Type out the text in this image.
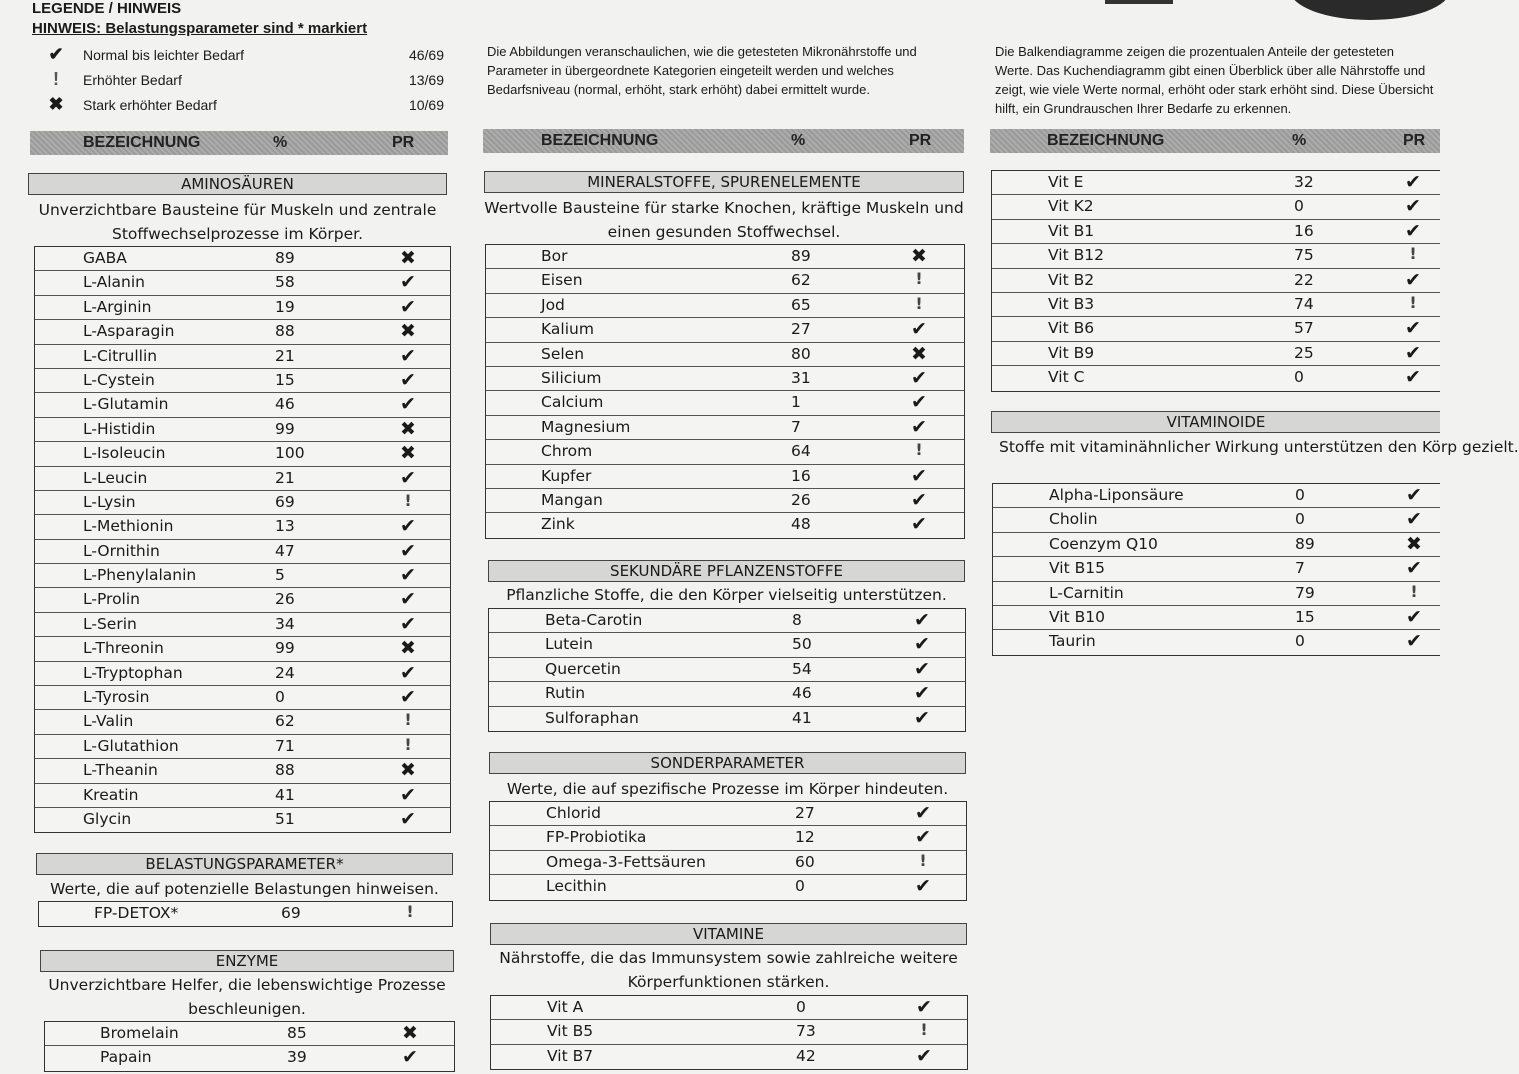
LEGENDE / HINWEIS
HINWEIS: Belastungsparameter sind * markiert
✔	Normal bis leichter Bedarf	46/69
!	Erhöhter Bedarf	13/69
✖	Stark erhöhter Bedarf	10/69
Die Abbildungen veranschaulichen, wie die getesteten Mikronährstoffe und Parameter in übergeordnete Kategorien eingeteilt werden und welches Bedarfsniveau (normal, erhöht, stark erhöht) dabei ermittelt wurde.
Die Balkendiagramme zeigen die prozentualen Anteile der getesteten Werte. Das Kuchendiagramm gibt einen Überblick über alle Nährstoffe und zeigt, wie viele Werte normal, erhöht oder stark erhöht sind. Diese Übersicht hilft, ein Grundrauschen Ihrer Bedarfe zu erkennen.
BEZEICHNUNG	%	PR	BEZEICHNUNG	%	PR	BEZEICHNUNG	%	PR
AMINOSÄUREN
Unverzichtbare Bausteine für Muskeln und zentrale Stoffwechselprozesse im Körper.
GABA	89	✖
L-Alanin	58	✔
L-Arginin	19	✔
L-Asparagin	88	✖
L-Citrullin	21	✔
L-Cystein	15	✔
L-Glutamin	46	✔
L-Histidin	99	✖
L-Isoleucin	100	✖
L-Leucin	21	✔
L-Lysin	69	!
L-Methionin	13	✔
L-Ornithin	47	✔
L-Phenylalanin	5	✔
L-Prolin	26	✔
L-Serin	34	✔
L-Threonin	99	✖
L-Tryptophan	24	✔
L-Tyrosin	0	✔
L-Valin	62	!
L-Glutathion	71	!
L-Theanin	88	✖
Kreatin	41	✔
Glycin	51	✔
BELASTUNGSPARAMETER*
Werte, die auf potenzielle Belastungen hinweisen.
FP-DETOX*	69	!
ENZYME
Unverzichtbare Helfer, die lebenswichtige Prozesse beschleunigen.
Bromelain	85	✖
Papain	39	✔
MINERALSTOFFE, SPURENELEMENTE
Wertvolle Bausteine für starke Knochen, kräftige Muskeln und einen gesunden Stoffwechsel.
Bor	89	✖
Eisen	62	!
Jod	65	!
Kalium	27	✔
Selen	80	✖
Silicium	31	✔
Calcium	1	✔
Magnesium	7	✔
Chrom	64	!
Kupfer	16	✔
Mangan	26	✔
Zink	48	✔
SEKUNDÄRE PFLANZENSTOFFE
Pflanzliche Stoffe, die den Körper vielseitig unterstützen.
Beta-Carotin	8	✔
Lutein	50	✔
Quercetin	54	✔
Rutin	46	✔
Sulforaphan	41	✔
SONDERPARAMETER
Werte, die auf spezifische Prozesse im Körper hindeuten.
Chlorid	27	✔
FP-Probiotika	12	✔
Omega-3-Fettsäuren	60	!
Lecithin	0	✔
VITAMINE
Nährstoffe, die das Immunsystem sowie zahlreiche weitere Körperfunktionen stärken.
Vit A	0	✔
Vit B5	73	!
Vit B7	42	✔
Vit E	32	✔
Vit K2	0	✔
Vit B1	16	✔
Vit B12	75	!
Vit B2	22	✔
Vit B3	74	!
Vit B6	57	✔
Vit B9	25	✔
Vit C	0	✔
VITAMINOIDE
Stoffe mit vitaminähnlicher Wirkung unterstützen den Körp gezielt.
Alpha-Liponsäure	0	✔
Cholin	0	✔
Coenzym Q10	89	✖
Vit B15	7	✔
L-Carnitin	79	!
Vit B10	15	✔
Taurin	0	✔
